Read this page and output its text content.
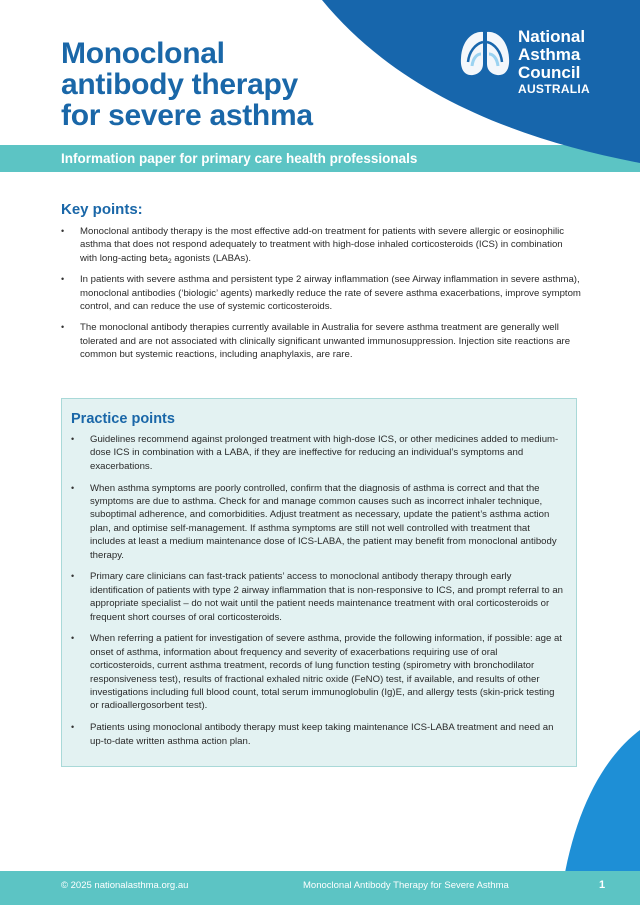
Monoclonal
antibody therapy
for severe asthma
National
Asthma
Council
AUSTRALIA
Information paper for primary care health professionals
Key points:
• Monoclonal antibody therapy is the most effective add-on treatment for patients with severe allergic or eosinophilic asthma that does not respond adequately to treatment with high-dose inhaled corticosteroids (ICS) in combination with long-acting beta$_2$ agonists (LABAs).
• In patients with severe asthma and persistent type 2 airway inflammation (see Airway inflammation in severe asthma), monoclonal antibodies (‘biologic’ agents) markedly reduce the rate of severe asthma exacerbations, improve symptom control, and can reduce the use of systemic corticosteroids.
• The monoclonal antibody therapies currently available in Australia for severe asthma treatment are generally well tolerated and are not associated with clinically significant unwanted immunosuppression. Injection site reactions are common but systemic reactions, including anaphylaxis, are rare.
Practice points
• Guidelines recommend against prolonged treatment with high-dose ICS, or other medicines added to medium-dose ICS in combination with a LABA, if they are ineffective for reducing an individual’s symptoms and exacerbations.
• When asthma symptoms are poorly controlled, confirm that the diagnosis of asthma is correct and that the symptoms are due to asthma. Check for and manage common causes such as incorrect inhaler technique, suboptimal adherence, and comorbidities. Adjust treatment as necessary, update the patient’s asthma action plan, and optimise self-management. If asthma symptoms are still not well controlled with treatment that includes at least a medium maintenance dose of ICS-LABA, the patient may benefit from monoclonal antibody therapy.
• Primary care clinicians can fast-track patients’ access to monoclonal antibody therapy through early identification of patients with type 2 airway inflammation that is non-responsive to ICS, and prompt referral to an appropriate specialist – do not wait until the patient needs maintenance treatment with oral corticosteroids or frequent short courses of oral corticosteroids.
• When referring a patient for investigation of severe asthma, provide the following information, if possible: age at onset of asthma, information about frequency and severity of exacerbations requiring use of oral corticosteroids, current asthma treatment, records of lung function testing (spirometry with bronchodilator responsiveness test), results of fractional exhaled nitric oxide (FeNO) test, if available, and results of other investigations including full blood count, total serum immunoglobulin (Ig)E, and allergy tests (skin-prick testing or radioallergosorbent test).
• Patients using monoclonal antibody therapy must keep taking maintenance ICS-LABA treatment and need an up-to-date written asthma action plan.
© 2025 nationalasthma.org.au	Monoclonal Antibody Therapy for Severe Asthma	1
